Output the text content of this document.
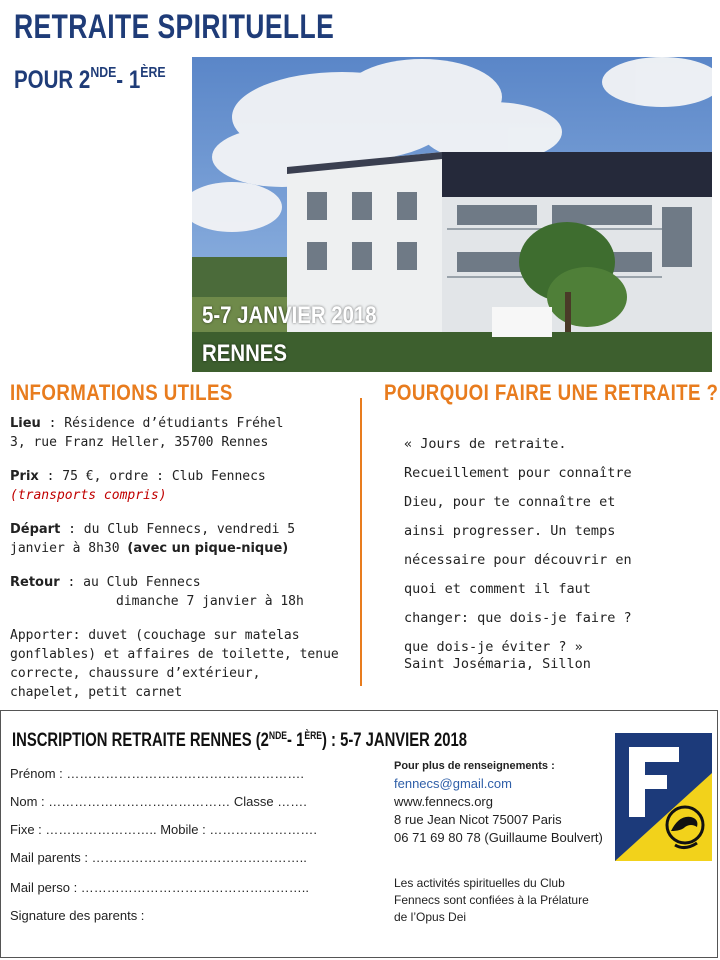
RETRAITE SPIRITUELLE
POUR 2NDE- 1ÈRE
5-7 JANVIER 2018
RENNES
INFORMATIONS UTILES	POURQUOI FAIRE UNE RETRAITE ?
Lieu : Résidence d’étudiants Fréhel
3, rue Franz Heller, 35700 Rennes
Prix : 75 €, ordre : Club Fennecs
(transports compris)
Départ : du Club Fennecs, vendredi 5
janvier à 8h30 (avec un pique-nique)
Retour : au Club Fennecs
dimanche 7 janvier à 18h
Apporter: duvet (couchage sur matelas
gonflables) et affaires de toilette, tenue
correcte, chaussure d’extérieur,
chapelet, petit carnet
« Jours de retraite.
Recueillement pour connaître
Dieu, pour te connaître et
ainsi progresser. Un temps
nécessaire pour découvrir en
quoi et comment il faut
changer: que dois-je faire ?
que dois-je éviter ? »
Saint Josémaria, Sillon
INSCRIPTION RETRAITE RENNES (2NDE- 1ÈRE) : 5-7 JANVIER 2018
Prénom : ……………………………………………….
Nom : …………………………………… Classe …….
Fixe : …………………….. Mobile : …………………….
Mail parents : …………………………………………..
Mail perso : ……………………………………………..
Signature des parents :
Pour plus de renseignements :
fennecs@gmail.com
www.fennecs.org
8 rue Jean Nicot 75007 Paris
06 71 69 80 78 (Guillaume Boulvert)
Les activités spirituelles du Club
Fennecs sont confiées à la Prélature
de l’Opus Dei
